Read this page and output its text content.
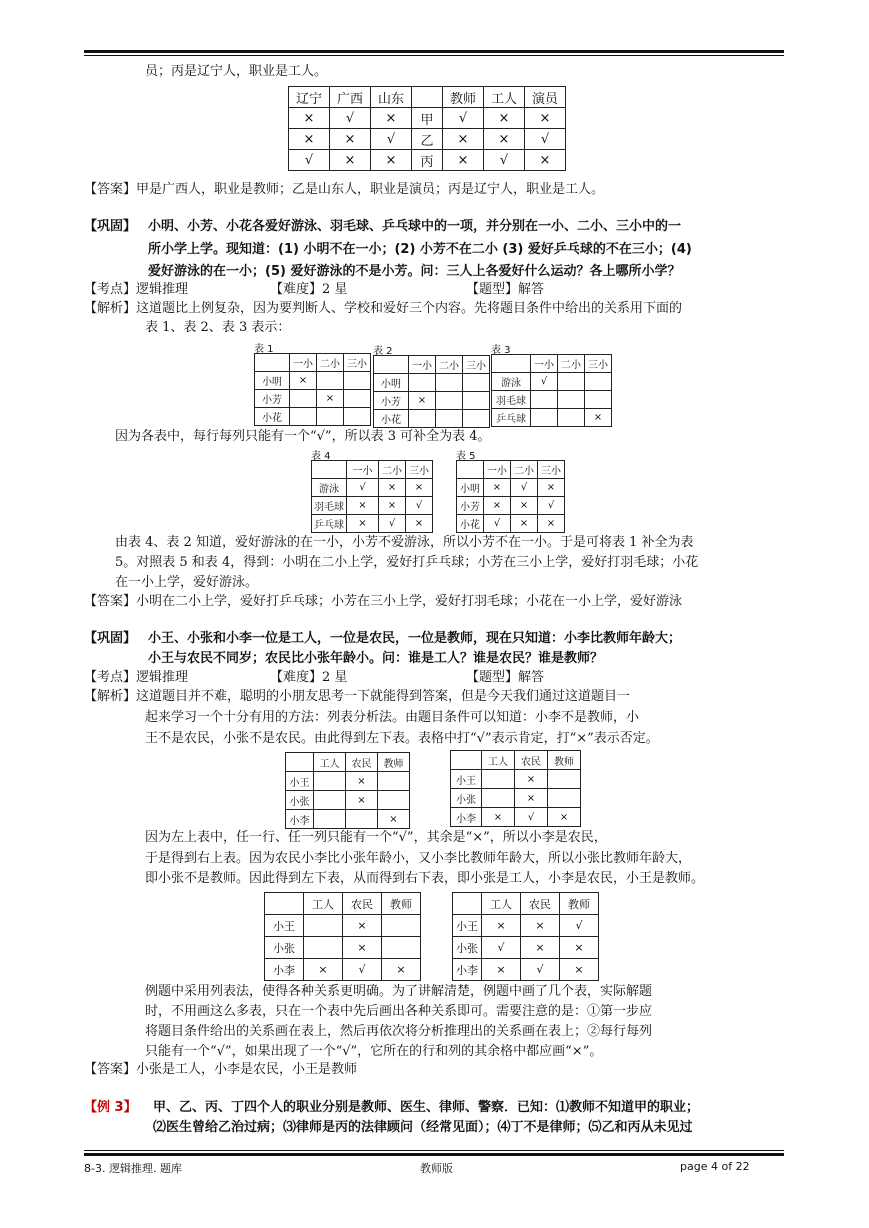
员；丙是辽宁人，职业是工人。
辽宁	广西	山东		教师	工人	演员
×	√	×	甲	√	×	×
×	×	√	乙	×	×	√
√	×	×	丙	×	√	×
【答案】甲是广西人，职业是教师；乙是山东人，职业是演员；丙是辽宁人，职业是工人。
【巩固】 小明、小芳、小花各爱好游泳、羽毛球、乒乓球中的一项，并分别在一小、二小、三小中的一
所小学上学。现知道：(1) 小明不在一小；(2) 小芳不在二小 (3) 爱好乒乓球的不在三小；(4)
爱好游泳的在一小；(5) 爱好游泳的不是小芳。问：三人上各爱好什么运动？各上哪所小学？
【考点】逻辑推理	【难度】2 星	【题型】解答
【解析】这道题比上例复杂，因为要判断人、学校和爱好三个内容。先将题目条件中给出的关系用下面的
表 1、表 2、表 3 表示：
表 1
	一小	二小	三小
小明	×		
小芳		×	
小花			
表 2
	一小	二小	三小
小明			
小芳	×		
小花			
表 3
	一小	二小	三小
游泳	√		
羽毛球			
乒乓球			×
因为各表中，每行每列只能有一个“√”，所以表 3 可补全为表 4。
表 4
	一小	二小	三小
游泳	√	×	×
羽毛球	×	×	√
乒乓球	×	√	×
表 5
	一小	二小	三小
小明	×	√	×
小芳	×	×	√
小花	√	×	×
由表 4、表 2 知道，爱好游泳的在一小，小芳不爱游泳，所以小芳不在一小。于是可将表 1 补全为表
5。对照表 5 和表 4，得到：小明在二小上学，爱好打乒乓球；小芳在三小上学，爱好打羽毛球；小花
在一小上学，爱好游泳。
【答案】小明在二小上学，爱好打乒乓球；小芳在三小上学，爱好打羽毛球；小花在一小上学，爱好游泳
【巩固】 小王、小张和小李一位是工人，一位是农民，一位是教师，现在只知道：小李比教师年龄大；
小王与农民不同岁；农民比小张年龄小。问：谁是工人？谁是农民？谁是教师？
【考点】逻辑推理	【难度】2 星	【题型】解答
【解析】这道题目并不难，聪明的小朋友思考一下就能得到答案，但是今天我们通过这道题目一
起来学习一个十分有用的方法：列表分析法。由题目条件可以知道：小李不是教师，小
王不是农民，小张不是农民。由此得到左下表。表格中打“√”表示肯定，打“×”表示否定。
	工人	农民	教师
小王		×	
小张		×	
小李			×
	工人	农民	教师
小王		×	
小张		×	
小李	×	√	×
因为左上表中，任一行、任一列只能有一个“√”，其余是“×”，所以小李是农民，
于是得到右上表。因为农民小李比小张年龄小，又小李比教师年龄大，所以小张比教师年龄大，
即小张不是教师。因此得到左下表，从而得到右下表，即小张是工人，小李是农民，小王是教师。
	工人	农民	教师
小王		×	
小张		×	
小李	×	√	×
	工人	农民	教师
小王	×	×	√
小张	√	×	×
小李	×	√	×
例题中采用列表法，使得各种关系更明确。为了讲解清楚，例题中画了几个表，实际解题
时，不用画这么多表，只在一个表中先后画出各种关系即可。需要注意的是：①第一步应
将题目条件给出的关系画在表上，然后再依次将分析推理出的关系画在表上；②每行每列
只能有一个“√”，如果出现了一个“√”，它所在的行和列的其余格中都应画“×”。
【答案】小张是工人，小李是农民，小王是教师
【例 3】 甲、乙、丙、丁四个人的职业分别是教师、医生、律师、警察．已知：⑴教师不知道甲的职业；
⑵医生曾给乙治过病；⑶律师是丙的法律顾问（经常见面）；⑷丁不是律师；⑸乙和丙从未见过
8-3. 逻辑推理. 题库	教师版	page 4 of 22
